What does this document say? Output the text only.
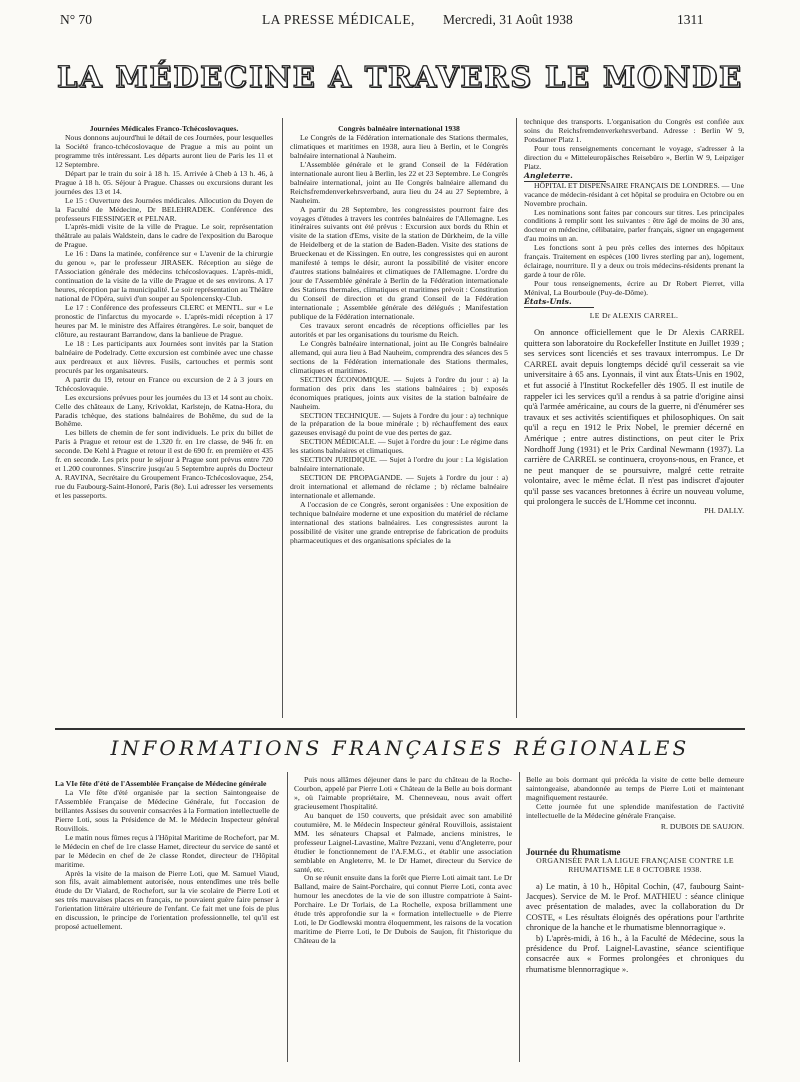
N° 70	LA PRESSE MÉDICALE, Mercredi, 31 Août 1938	1311
LA MÉDECINE A TRAVERS LE MONDE
Journées Médicales Franco-Tchécoslovaques.

Nous donnons aujourd'hui le détail de ces Journées, pour lesquelles la Société franco-tchécoslovaque de Prague a mis au point un programme très intéressant. Les départs auront lieu de Paris les 11 et 12 Septembre.

Départ par le train du soir à 18 h. 15. Arrivée à Cheb à 13 h. 46, à Prague à 18 h. 05. Séjour à Prague. Chasses ou excursions durant les journées des 13 et 14.

Le 15 : Ouverture des Journées médicales. Allocution du Doyen de la Faculté de Médecine, Dr BELEHRADEK. Conférence des professeurs FIESSINGER et PELNAR.

L'après-midi visite de la ville de Prague. Le soir, représentation théâtrale au palais Waldstein, dans le cadre de l'exposition du Baroque de Prague.

Le 16 : Dans la matinée, conférence sur « L'avenir de la chirurgie du genou », par le professeur JIRASEK. Réception au siège de l'Association générale des médecins tchécoslovaques. L'après-midi, continuation de la visite de la ville de Prague et de ses environs. A 17 heures, réception par la municipalité. Le soir représentation au Théâtre national de l'Opéra, suivi d'un souper au Spolencensky-Club.

Le 17 : Conférence des professeurs CLERC et MENTL. sur « Le pronostic de l'infarctus du myocarde ». L'après-midi réception à 17 heures par M. le ministre des Affaires étrangères. Le soir, banquet de clôture, au restaurant Barrandow, dans la banlieue de Prague.

Le 18 : Les participants aux Journées sont invités par la Station balnéaire de Podelrady. Cette excursion est combinée avec une chasse aux perdreaux et aux lièvres. Fusils, cartouches et permis sont procurés par les organisateurs.

A partir du 19, retour en France ou excursion de 2 à 3 jours en Tchécoslovaquie.

Les excursions prévues pour les journées du 13 et 14 sont au choix. Celle des châteaux de Lany, Krivoklat, Karlstejn, de Katna-Hora, du Paradis tchèque, des stations balnéaires de Bohême, du sud de la Bohême.

Les billets de chemin de fer sont individuels. Le prix du billet de Paris à Prague et retour est de 1.320 fr. en 1re classe, de 946 fr. en seconde. De Kehl à Prague et retour il est de 690 fr. en première et 435 fr. en seconde. Les prix pour le séjour à Prague sont prévus entre 720 et 1.200 couronnes. S'inscrire jusqu'au 5 Septembre auprès du Docteur A. RAVINA, Secrétaire du Groupement Franco-Tchécoslovaque, 254, rue du Faubourg-Saint-Honoré, Paris (8e). Lui adresser les versements et les passeports.

Congrès balnéaire international 1938

Le Congrès de la Fédération internationale des Stations thermales, climatiques et maritimes en 1938, aura lieu à Berlin, et le Congrès balnéaire international à Nauheim.

L'Assemblée générale et le grand Conseil de la Fédération internationale auront lieu à Berlin, les 22 et 23 Septembre. Le Congrès balnéaire international, joint au IIe Congrès balnéaire allemand du Reichsfremdenverkehrsverband, aura lieu du 24 au 27 Septembre, à Nauheim.

A partir du 28 Septembre, les congressistes pourront faire des voyages d'études à travers les contrées balnéaires de l'Allemagne. Les itinéraires suivants ont été prévus : Excursion aux bords du Rhin et visite de la station d'Ems, visite de la station de Dürkheim, de la ville de Heidelberg et de la station de Baden-Baden. Visite des stations de Brueckenau et de Kissingen. En outre, les congressistes qui en auront manifesté à temps le désir, auront la possibilité de visiter encore d'autres stations balnéaires et climatiques de l'Allemagne. L'ordre du jour de l'Assemblée générale à Berlin de la Fédération internationale des Stations thermales, climatiques et maritimes prévoit : Constitution du Conseil de direction et du grand Conseil de la Fédération internationale ; Assemblée générale des délégués ; Manifestation publique de la Fédération internationale.

Ces travaux seront encadrés de réceptions officielles par les autorités et par les organisations du tourisme du Reich.

Le Congrès balnéaire international, joint au IIe Congrès balnéaire allemand, qui aura lieu à Bad Nauheim, comprendra des séances des 5 sections de la Fédération internationale des Stations thermales, climatiques et maritimes.

SECTION ÉCONOMIQUE. — Sujets à l'ordre du jour : a) la formation des prix dans les stations balnéaires ; b) exposés économiques pratiques, joints aux visites de la station balnéaire de Nauheim.

SECTION TECHNIQUE. — Sujets à l'ordre du jour : a) technique de la préparation de la boue minérale ; b) réchauffement des eaux gazeuses envisagé du point de vue des pertes de gaz.

SECTION MÉDICALE. — Sujet à l'ordre du jour : Le régime dans les stations balnéaires et climatiques.

SECTION JURIDIQUE. — Sujet à l'ordre du jour : La législation balnéaire internationale.

SECTION DE PROPAGANDE. — Sujets à l'ordre du jour : a) droit international et allemand de réclame ; b) réclame balnéaire internationale et allemande.

A l'occasion de ce Congrès, seront organisées : Une exposition de technique balnéaire moderne et une exposition du matériel de réclame international des stations balnéaires. Les congressistes auront la possibilité de visiter une grande entreprise de fabrication de produits pharmaceutiques et des organisations spéciales de la

technique des transports. L'organisation du Congrès est confiée aux soins du Reichsfremdenverkehrsverband. Adresse : Berlin W 9, Potsdamer Platz 1.

Pour tous renseignements concernant le voyage, s'adresser à la direction du « Mitteleuropäisches Reisebüro », Berlin W 9, Leipziger Platz.

Angleterre.

HÔPITAL ET DISPENSAIRE FRANÇAIS DE LONDRES. — Une vacance de médecin-résidant à cet hôpital se produira en Octobre ou en Novembre prochain.

Les nominations sont faites par concours sur titres. Les principales conditions à remplir sont les suivantes : être âgé de moins de 30 ans, docteur en médecine, célibataire, parler français, signer un engagement d'au moins un an.

Les fonctions sont à peu près celles des internes des hôpitaux français. Traitement en espèces (100 livres sterling par an), logement, éclairage, nourriture. Il y a deux ou trois médecins-résidents prenant la garde à tour de rôle.

Pour tous renseignements, écrire au Dr Robert Pierret, villa Ménival, La Bourboule (Puy-de-Dôme).

États-Unis.
LE Dr ALEXIS CARREL.

On annonce officiellement que le Dr Alexis CARREL quittera son laboratoire du Rockefeller Institute en Juillet 1939 ; ses services sont licenciés et ses travaux interrompus. Le Dr CARREL avait depuis longtemps décidé qu'il cesserait sa vie universitaire à 65 ans. Lyonnais, il vint aux États-Unis en 1902, et fut associé à l'Institut Rockefeller dès 1905. Il est inutile de rappeler ici les services qu'il a rendus à sa patrie d'origine ainsi qu'à l'armée américaine, au cours de la guerre, ni d'énumérer ses travaux et ses activités scientifiques et philosophiques. On sait qu'il a reçu en 1912 le Prix Nobel, le premier décerné en Amérique ; entre autres distinctions, on peut citer le Prix Nordhoff Jung (1931) et le Prix Cardinal Newmann (1937). La carrière de CARREL se continuera, croyons-nous, en France, et ne peut manquer de se poursuivre, malgré cette retraite volontaire, avec le même éclat. Il n'est pas indiscret d'ajouter qu'il passe ses vacances bretonnes à écrire un nouveau volume, qui prolongera le succès de L'Homme cet inconnu.

PH. DALLY.
INFORMATIONS FRANÇAISES RÉGIONALES
La VIe fête d'été de l'Assemblée Française de Médecine générale

La VIe fête d'été organisée par la section Saintongeaise de l'Assemblée Française de Médecine Générale, fut l'occasion de brillantes Assises du souvenir consacrées à la Formation intellectuelle de Pierre Loti, sous la Présidence de M. le Médecin Inspecteur général Rouvillois.

Le matin nous fûmes reçus à l'Hôpital Maritime de Rochefort, par M. le Médecin en chef de 1re classe Hamet, directeur du service de santé et par le Médecin en chef de 2e classe Rondet, directeur de l'Hôpital maritime.

Après la visite de la maison de Pierre Loti, que M. Samuel Viaud, son fils, avait aimablement autorisée, nous entendîmes une très belle étude du Dr Vialard, de Rochefort, sur la vie scolaire de Pierre Loti et ses très mauvaises places en français, ne pouvaient guère faire penser à l'orientation littéraire ultérieure de l'enfant. Ce fait met une fois de plus en discussion, le principe de l'orientation professionnelle, tel qu'il est proposé actuellement.

Puis nous allâmes déjeuner dans le parc du château de la Roche-Courbon, appelé par Pierre Loti « Château de la Belle au bois dormant », où l'aimable propriétaire, M. Chenneveau, nous avait offert gracieusement l'hospitalité.

Au banquet de 150 couverts, que présidait avec son amabilité coutumière, M. le Médecin Inspecteur général Rouvillois, assistaient MM. les sénateurs Chapsal et Palmade, anciens ministres, le professeur Laignel-Lavastine, Maître Pezzani, venu d'Angleterre, pour étudier le fonctionnement de l'A.F.M.G., et établir une association semblable en Angleterre, M. le Dr Hamet, directeur du Service de santé, etc.

On se réunit ensuite dans la forêt que Pierre Loti aimait tant. Le Dr Balland, maire de Saint-Porchaire, qui connut Pierre Loti, conta avec humour les anecdotes de la vie de son illustre compatriote à Saint-Porchaire. Le Dr Torlais, de La Rochelle, exposa brillamment une étude très approfondie sur la « formation intellectuelle » de Pierre Loti, le Dr Godlewski montra éloquemment, les raisons de la vocation maritime de Pierre Loti, le Dr Dubois de Saujon, fit l'historique du Château de la

Belle au bois dormant qui précéda la visite de cette belle demeure saintongeaise, abandonnée au temps de Pierre Loti et maintenant magnifiquement restaurée.

Cette journée fut une splendide manifestation de l'activité intellectuelle de la Médecine générale Française.

R. DUBOIS DE SAUJON.
Journée du Rhumatisme
ORGANISÉE PAR LA LIGUE FRANÇAISE CONTRE LE RHUMATISME LE 8 OCTOBRE 1938.

a) Le matin, à 10 h., Hôpital Cochin, (47, faubourg Saint-Jacques). Service de M. le Prof. MATHIEU : séance clinique avec présentation de malades, avec la collaboration du Dr COSTE, « Les résultats éloignés des opérations pour l'arthrite chronique de la hanche et le rhumatisme blennorragique ».

b) L'après-midi, à 16 h., à la Faculté de Médecine, sous la présidence du Prof. Laignel-Lavastine, séance scientifique consacrée aux « Formes prolongées et chroniques du rhumatisme blennorragique ».
